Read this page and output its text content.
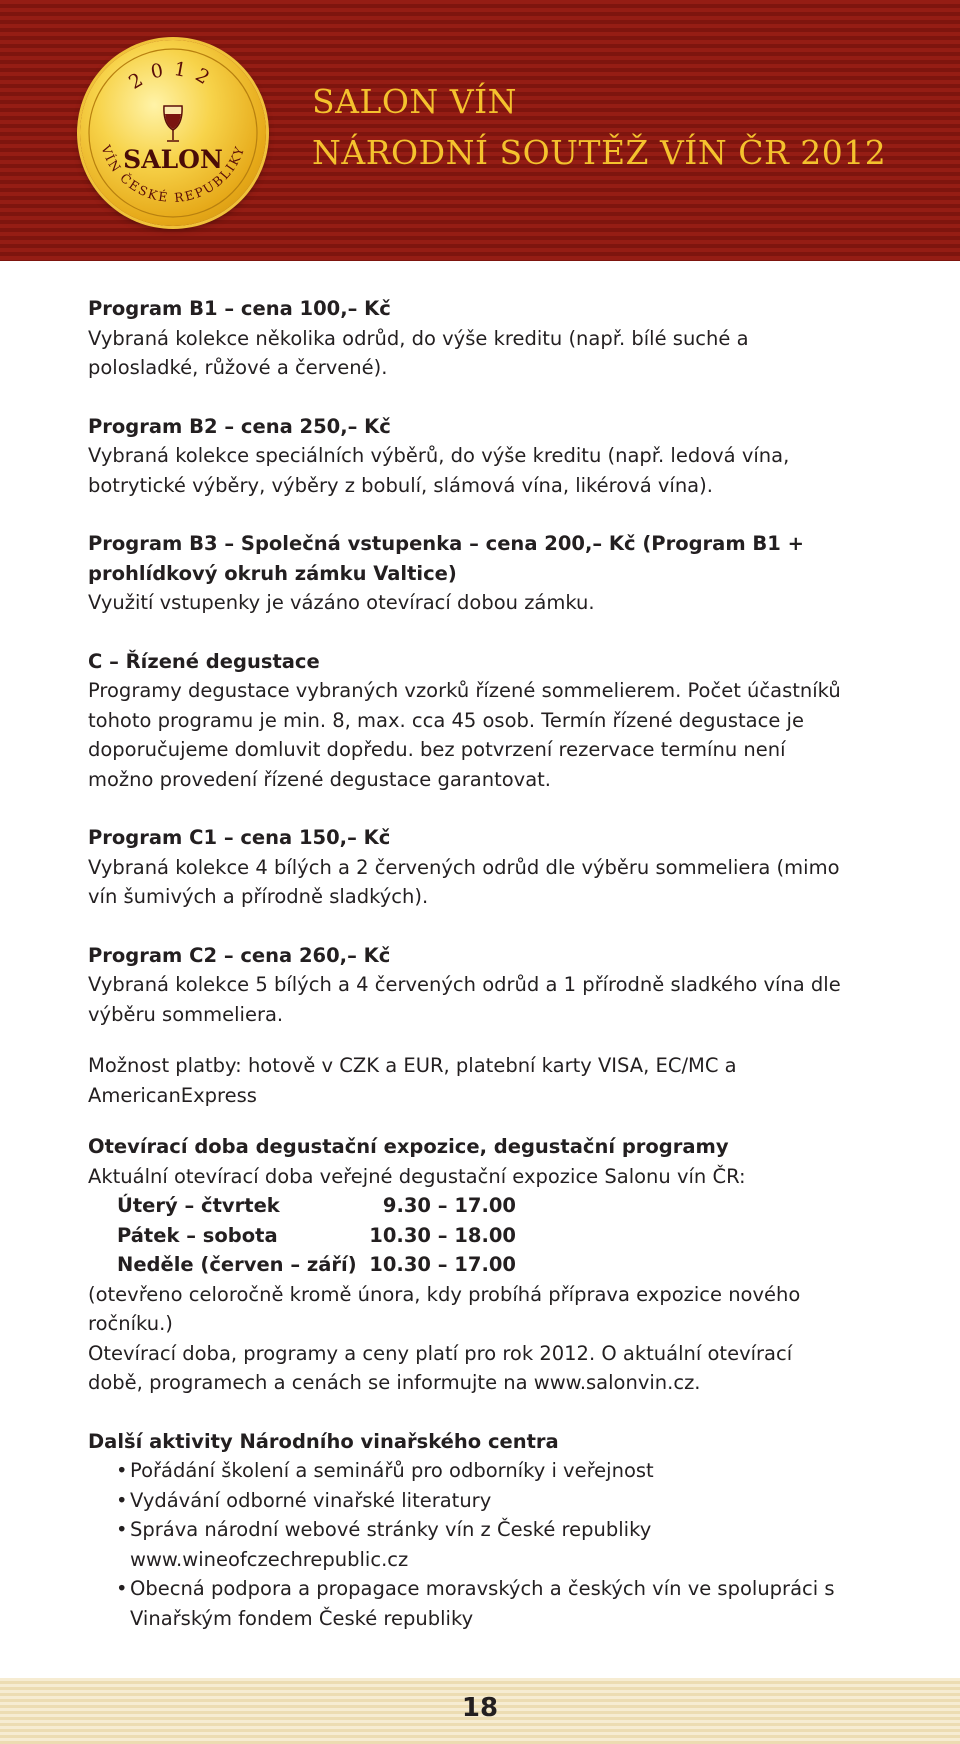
2012
SALON
VÍN ČESKÉ REPUBLIKY
SALON VÍN
NÁRODNÍ SOUTĚŽ VÍN ČR 2012
Program B1 – cena 100,– Kč
Vybraná kolekce několika odrůd, do výše kreditu (např. bílé suché a polosladké, růžové a červené).
Program B2 – cena 250,– Kč
Vybraná kolekce speciálních výběrů, do výše kreditu (např. ledová vína, botrytické výběry, výběry z bobulí, slámová vína, likérová vína).
Program B3 – Společná vstupenka – cena 200,– Kč (Program B1 + prohlídkový okruh zámku Valtice)
Využití vstupenky je vázáno otevírací dobou zámku.
C – Řízené degustace
Programy degustace vybraných vzorků řízené sommelierem. Počet účastníků tohoto programu je min. 8, max. cca 45 osob. Termín řízené degustace je doporučujeme domluvit dopředu. bez potvrzení rezervace termínu není možno provedení řízené degustace garantovat.
Program C1 – cena 150,– Kč
Vybraná kolekce 4 bílých a 2 červených odrůd dle výběru sommeliera (mimo vín šumivých a přírodně sladkých).
Program C2 – cena 260,– Kč
Vybraná kolekce 5 bílých a 4 červených odrůd a 1 přírodně sladkého vína dle výběru sommeliera.
Možnost platby: hotově v CZK a EUR, platební karty VISA, EC/MC a AmericanExpress
Otevírací doba degustační expozice, degustační programy
Aktuální otevírací doba veřejné degustační expozice Salonu vín ČR:
Úterý – čtvrtek	9.30 – 17.00
Pátek – sobota	10.30 – 18.00
Neděle (červen – září) 10.30 – 17.00
(otevřeno celoročně kromě února, kdy probíhá příprava expozice nového ročníku.)
Otevírací doba, programy a ceny platí pro rok 2012. O aktuální otevírací době, programech a cenách se informujte na www.salonvin.cz.
Další aktivity Národního vinařského centra
• Pořádání školení a seminářů pro odborníky i veřejnost
• Vydávání odborné vinařské literatury
• Správa národní webové stránky vín z České republiky www.wineofczechrepublic.cz
• Obecná podpora a propagace moravských a českých vín ve spolupráci s Vinařským fondem České republiky
18
